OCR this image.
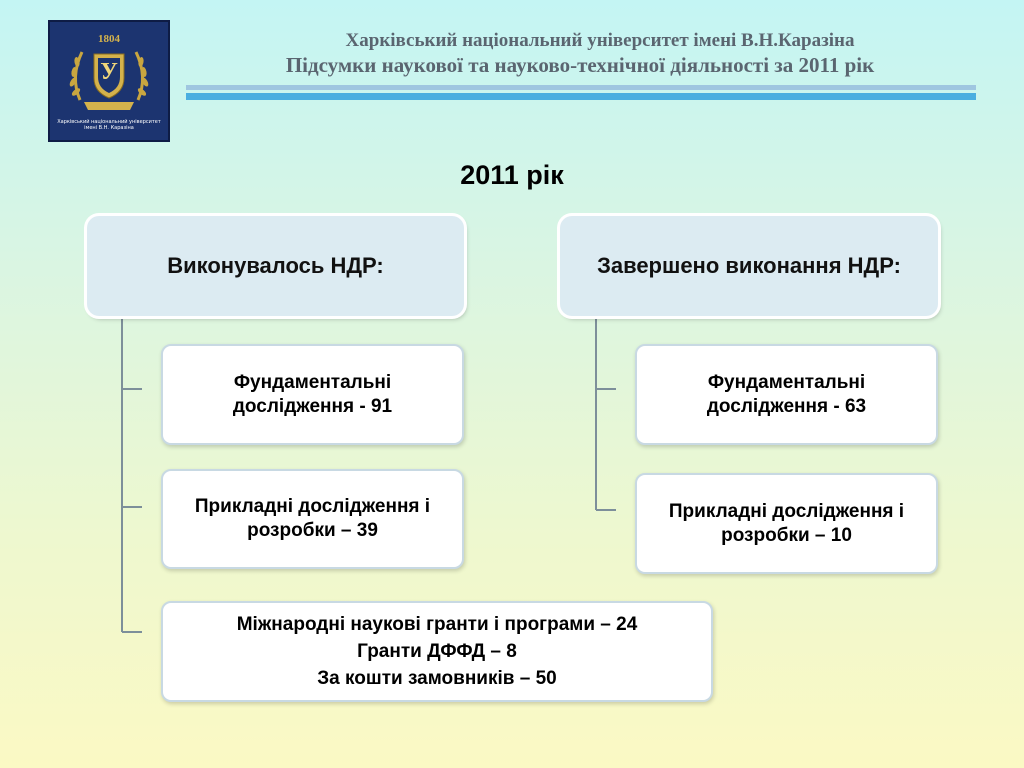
1804
У
Харківський національний університет
імені В.Н. Каразіна
Харківський національний університет імені В.Н.Каразіна
Підсумки наукової та науково-технічної діяльності за 2011 рік
2011 рік
Виконувалось НДР:	Завершено виконання НДР:
Фундаментальні дослідження - 91
Прикладні дослідження і розробки – 39
Міжнародні наукові гранти і програми – 24
Гранти ДФФД – 8
За кошти замовників – 50
Фундаментальні дослідження - 63
Прикладні дослідження і розробки – 10
